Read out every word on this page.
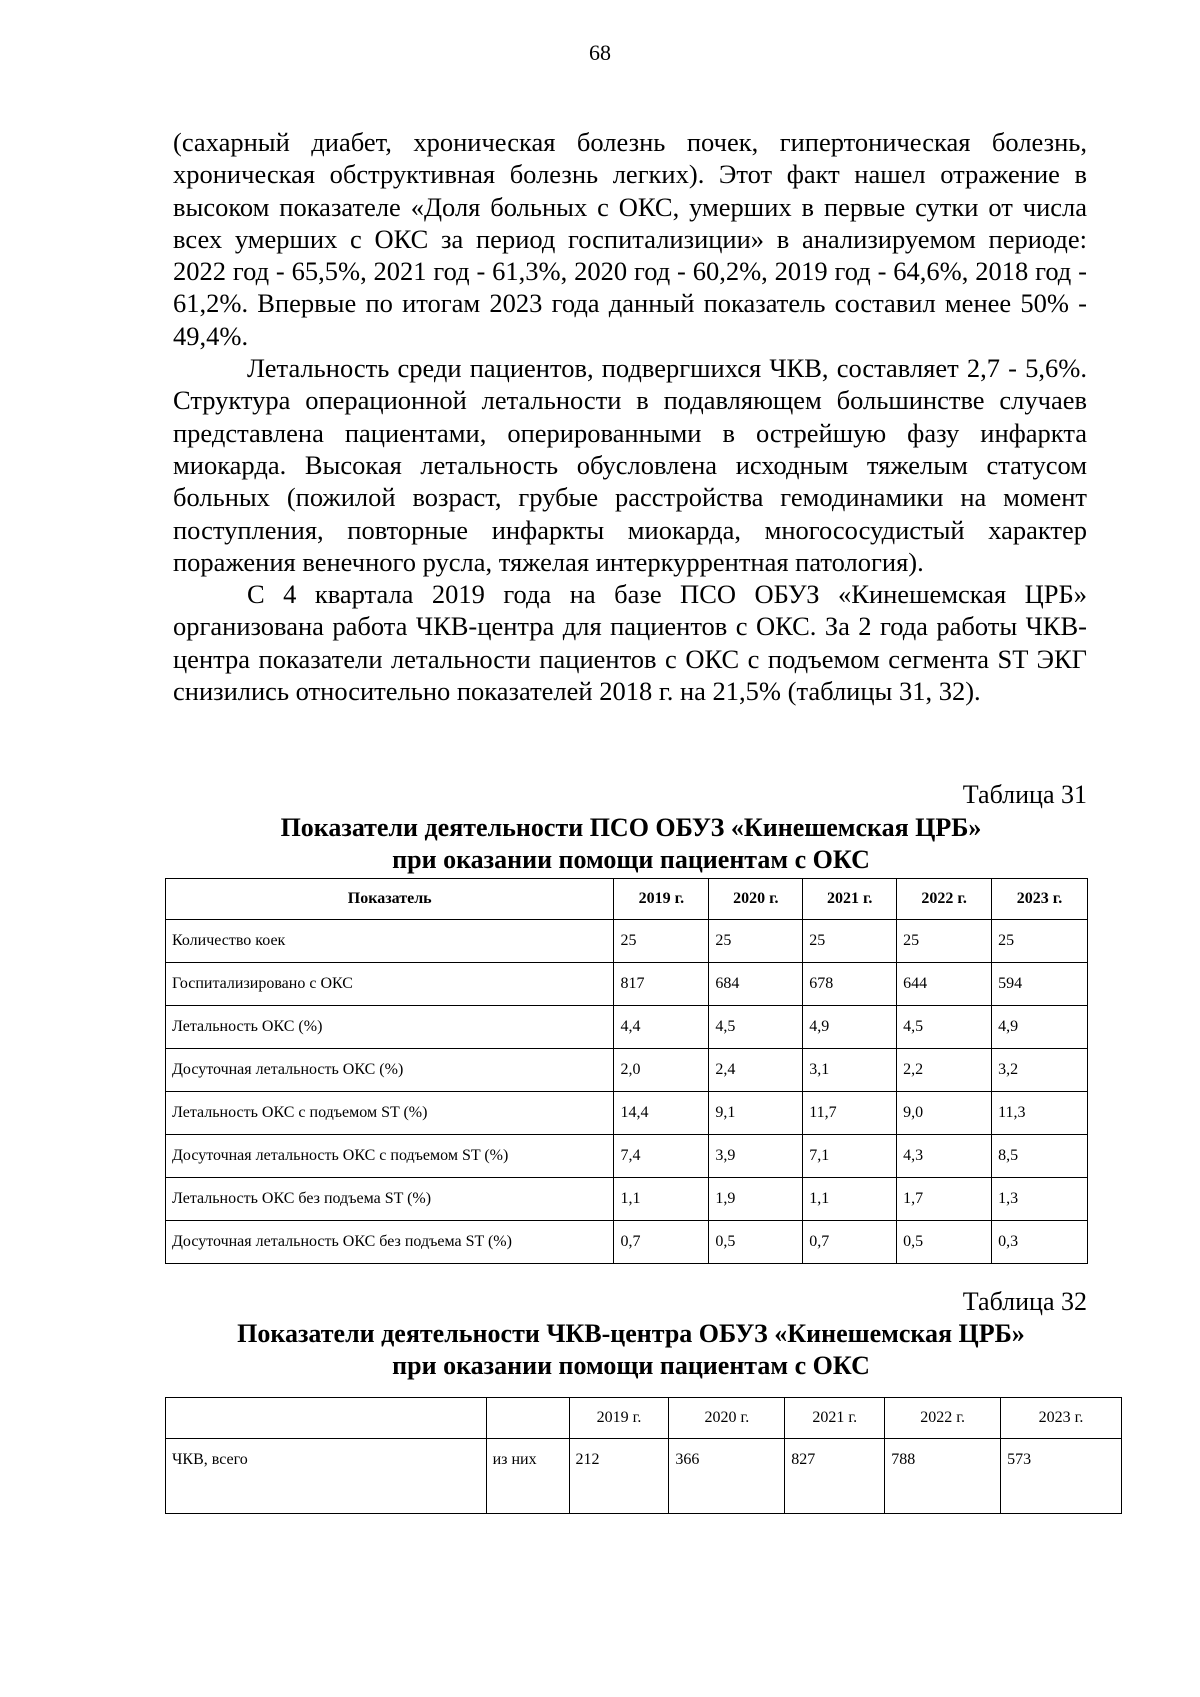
68

(сахарный диабет, хроническая болезнь почек, гипертоническая болезнь, хроническая обструктивная болезнь легких). Этот факт нашел отражение в высоком показателе «Доля больных с ОКС, умерших в первые сутки от числа всех умерших с ОКС за период госпитализиции» в анализируемом периоде: 2022 год - 65,5%, 2021 год - 61,3%, 2020 год - 60,2%, 2019 год - 64,6%, 2018 год - 61,2%. Впервые по итогам 2023 года данный показатель составил менее 50% - 49,4%.

Летальность среди пациентов, подвергшихся ЧКВ, составляет 2,7 - 5,6%. Структура операционной летальности в подавляющем большинстве случаев представлена пациентами, оперированными в острейшую фазу инфаркта миокарда. Высокая летальность обусловлена исходным тяжелым статусом больных (пожилой возраст, грубые расстройства гемодинамики на момент поступления, повторные инфаркты миокарда, многососудистый характер поражения венечного русла, тяжелая интеркуррентная патология).

С 4 квартала 2019 года на базе ПСО ОБУЗ «Кинешемская ЦРБ» организована работа ЧКВ-центра для пациентов с ОКС. За 2 года работы ЧКВ-центра показатели летальности пациентов с ОКС с подъемом сегмента ST ЭКГ снизились относительно показателей 2018 г. на 21,5% (таблицы 31, 32).

Таблица 31
Показатели деятельности ПСО ОБУЗ «Кинешемская ЦРБ»
при оказании помощи пациентам с ОКС
Показатель	2019 г.	2020 г.	2021 г.	2022 г.	2023 г.
Количество коек	25	25	25	25	25
Госпитализировано с ОКС	817	684	678	644	594
Летальность ОКС (%)	4,4	4,5	4,9	4,5	4,9
Досуточная летальность ОКС (%)	2,0	2,4	3,1	2,2	3,2
Летальность ОКС с подъемом ST (%)	14,4	9,1	11,7	9,0	11,3
Досуточная летальность ОКС с подъемом ST (%)	7,4	3,9	7,1	4,3	8,5
Летальность ОКС без подъема ST (%)	1,1	1,9	1,1	1,7	1,3
Досуточная летальность ОКС без подъема ST (%)	0,7	0,5	0,7	0,5	0,3
Таблица 32
Показатели деятельности ЧКВ-центра ОБУЗ «Кинешемская ЦРБ»
при оказании помощи пациентам с ОКС
		2019 г.	2020 г.	2021 г.	2022 г.	2023 г.
ЧКВ, всего	из них	212	366	827	788	573
